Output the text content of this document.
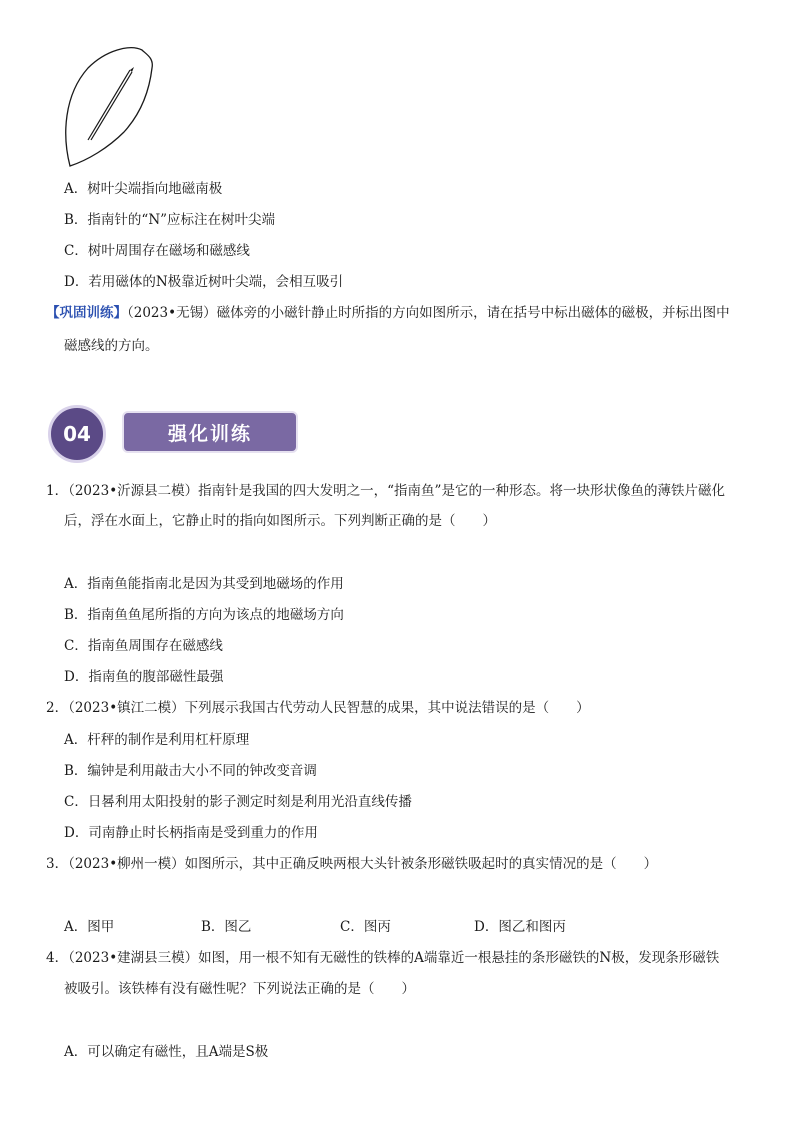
A．树叶尖端指向地磁南极
B．指南针的“N”应标注在树叶尖端
C．树叶周围存在磁场和磁感线
D．若用磁体的N极靠近树叶尖端，会相互吸引
【巩固训练】（2023•无锡）磁体旁的小磁针静止时所指的方向如图所示，请在括号中标出磁体的磁极，并标出图中
磁感线的方向。
04	强化训练
1．（2023•沂源县二模）指南针是我国的四大发明之一，“指南鱼”是它的一种形态。将一块形状像鱼的薄铁片磁化
后，浮在水面上，它静止时的指向如图所示。下列判断正确的是（　　）
A．指南鱼能指南北是因为其受到地磁场的作用
B．指南鱼鱼尾所指的方向为该点的地磁场方向
C．指南鱼周围存在磁感线
D．指南鱼的腹部磁性最强
2．（2023•镇江二模）下列展示我国古代劳动人民智慧的成果，其中说法错误的是（　　）
A．杆秤的制作是利用杠杆原理
B．编钟是利用敲击大小不同的钟改变音调
C．日晷利用太阳投射的影子测定时刻是利用光沿直线传播
D．司南静止时长柄指南是受到重力的作用
3．（2023•柳州一模）如图所示，其中正确反映两根大头针被条形磁铁吸起时的真实情况的是（　　）
A．图甲	B．图乙	C．图丙	D．图乙和图丙
4．（2023•建湖县三模）如图，用一根不知有无磁性的铁棒的A端靠近一根悬挂的条形磁铁的N极，发现条形磁铁
被吸引。该铁棒有没有磁性呢？下列说法正确的是（　　）
A．可以确定有磁性，且A端是S极
